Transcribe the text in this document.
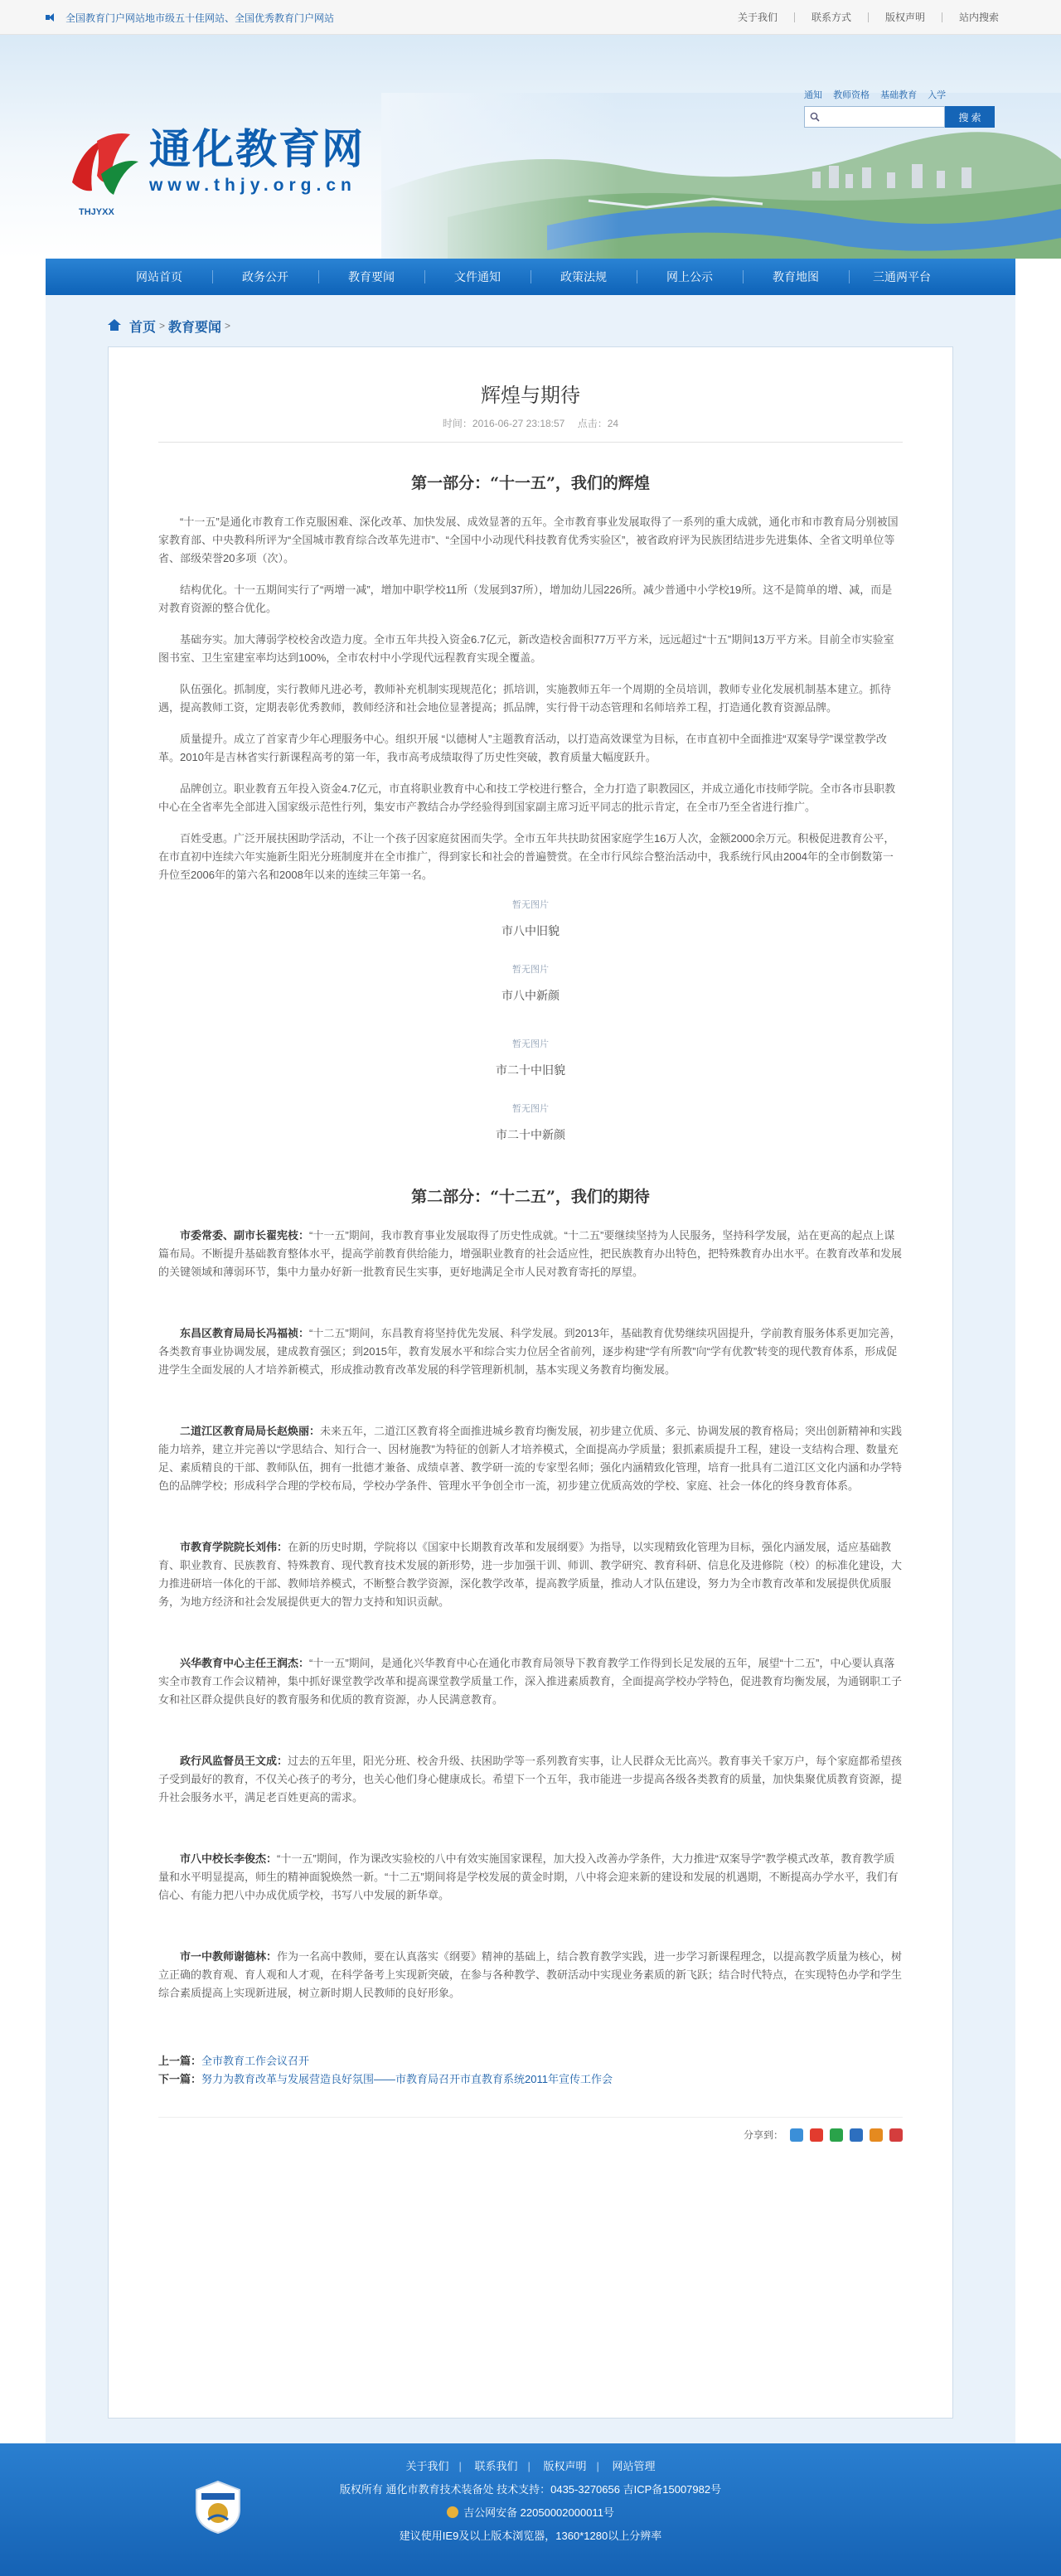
全国教育门户网站地市级五十佳网站、全国优秀教育门户网站	关于我们	联系方式	版权声明	站内搜索
THJYXX
通化教育网
www.thjy.org.cn
通知 教师资格 基础教育 入学
搜 索
网站首页	政务公开	教育要闻	文件通知	政策法规	网上公示	教育地图	三通两平台
首页 > 教育要闻 >
辉煌与期待
时间：2016-06-27 23:18:57 点击：24
第一部分：“十一五”，我们的辉煌

“十一五”是通化市教育工作克服困难、深化改革、加快发展、成效显著的五年。全市教育事业发展取得了一系列的重大成就，通化市和市教育局分别被国家教育部、中央教科所评为“全国城市教育综合改革先进市”、“全国中小动现代科技教育优秀实验区”，被省政府评为民族团结进步先进集体、全省文明单位等省、部级荣誉20多项（次）。

结构优化。十一五期间实行了“两增一减”，增加中职学校11所（发展到37所），增加幼儿园226所。减少普通中小学校19所。这不是简单的增、减，而是对教育资源的整合优化。

基础夯实。加大薄弱学校校舍改造力度。全市五年共投入资金6.7亿元，新改造校舍面积77万平方米，远远超过“十五”期间13万平方米。目前全市实验室图书室、卫生室建室率均达到100%，全市农村中小学现代远程教育实现全覆盖。

队伍强化。抓制度，实行教师凡进必考，教师补充机制实现规范化；抓培训，实施教师五年一个周期的全员培训，教师专业化发展机制基本建立。抓待遇，提高教师工资，定期表彰优秀教师，教师经济和社会地位显著提高；抓品牌，实行骨干动态管理和名师培养工程，打造通化教育资源品牌。

质量提升。成立了首家青少年心理服务中心。组织开展 “以德树人”主题教育活动，以打造高效课堂为目标，在市直初中全面推进“双案导学”课堂教学改革。2010年是吉林省实行新课程高考的第一年，我市高考成绩取得了历史性突破，教育质量大幅度跃升。

品牌创立。职业教育五年投入资金4.7亿元，市直将职业教育中心和技工学校进行整合，全力打造了职教园区，并成立通化市技师学院。全市各市县职教中心在全省率先全部进入国家级示范性行列，集安市产教结合办学经验得到国家副主席习近平同志的批示肯定，在全市乃至全省进行推广。

百姓受惠。广泛开展扶困助学活动，不让一个孩子因家庭贫困而失学。全市五年共扶助贫困家庭学生16万人次，金额2000余万元。积极促进教育公平，在市直初中连续六年实施新生阳光分班制度并在全市推广，得到家长和社会的普遍赞赏。在全市行风综合整治活动中，我系统行风由2004年的全市倒数第一升位至2006年的第六名和2008年以来的连续三年第一名。

暂无图片
市八中旧貌
暂无图片
市八中新颜
暂无图片
市二十中旧貌
暂无图片
市二十中新颜
第二部分：“十二五”，我们的期待

市委常委、副市长翟宪枝：“十一五”期间，我市教育事业发展取得了历史性成就。“十二五”要继续坚持为人民服务，坚持科学发展，站在更高的起点上谋篇布局。不断提升基础教育整体水平，提高学前教育供给能力，增强职业教育的社会适应性，把民族教育办出特色，把特殊教育办出水平。在教育改革和发展的关键领域和薄弱环节，集中力量办好新一批教育民生实事，更好地满足全市人民对教育寄托的厚望。

东昌区教育局局长冯福祯：“十二五”期间，东昌教育将坚持优先发展、科学发展。到2013年，基础教育优势继续巩固提升，学前教育服务体系更加完善，各类教育事业协调发展，建成教育强区；到2015年，教育发展水平和综合实力位居全省前列，逐步构建“学有所教”向“学有优教”转变的现代教育体系，形成促进学生全面发展的人才培养新模式，形成推动教育改革发展的科学管理新机制，基本实现义务教育均衡发展。

二道江区教育局局长赵焕丽：未来五年，二道江区教育将全面推进城乡教育均衡发展，初步建立优质、多元、协调发展的教育格局；突出创新精神和实践能力培养，建立并完善以“学思结合、知行合一、因材施教”为特征的创新人才培养模式，全面提高办学质量；狠抓素质提升工程，建设一支结构合理、数量充足、素质精良的干部、教师队伍，拥有一批德才兼备、成绩卓著、教学研一流的专家型名师；强化内涵精致化管理，培育一批具有二道江区文化内涵和办学特色的品牌学校；形成科学合理的学校布局，学校办学条件、管理水平争创全市一流，初步建立优质高效的学校、家庭、社会一体化的终身教育体系。

市教育学院院长刘伟：在新的历史时期，学院将以《国家中长期教育改革和发展纲要》为指导，以实现精致化管理为目标，强化内涵发展，适应基础教育、职业教育、民族教育、特殊教育、现代教育技术发展的新形势，进一步加强干训、师训、教学研究、教育科研、信息化及进修院（校）的标准化建设，大力推进研培一体化的干部、教师培养模式，不断整合教学资源，深化教学改革，提高教学质量，推动人才队伍建设，努力为全市教育改革和发展提供优质服务，为地方经济和社会发展提供更大的智力支持和知识贡献。

兴华教育中心主任王润杰：“十一五”期间，是通化兴华教育中心在通化市教育局领导下教育教学工作得到长足发展的五年，展望“十二五”，中心要认真落实全市教育工作会议精神，集中抓好课堂教学改革和提高课堂教学质量工作，深入推进素质教育，全面提高学校办学特色，促进教育均衡发展，为通钢职工子女和社区群众提供良好的教育服务和优质的教育资源，办人民满意教育。

政行风监督员王文成：过去的五年里，阳光分班、校舍升级、扶困助学等一系列教育实事，让人民群众无比高兴。教育事关千家万户，每个家庭都希望孩子受到最好的教育，不仅关心孩子的考分，也关心他们身心健康成长。希望下一个五年，我市能进一步提高各级各类教育的质量，加快集聚优质教育资源，提升社会服务水平，满足老百姓更高的需求。

市八中校长李俊杰：“十一五”期间，作为课改实验校的八中有效实施国家课程，加大投入改善办学条件，大力推进“双案导学”教学模式改革，教育教学质量和水平明显提高，师生的精神面貌焕然一新。“十二五”期间将是学校发展的黄金时期，八中将会迎来新的建设和发展的机遇期，不断提高办学水平，我们有信心、有能力把八中办成优质学校，书写八中发展的新华章。

市一中教师谢德林：作为一名高中教师，要在认真落实《纲要》精神的基础上，结合教育教学实践，进一步学习新课程理念，以提高教学质量为核心，树立正确的教育观、育人观和人才观，在科学备考上实现新突破，在参与各种教学、教研活动中实现业务素质的新飞跃；结合时代特点，在实现特色办学和学生综合素质提高上实现新进展，树立新时期人民教师的良好形象。

上一篇：全市教育工作会议召开
下一篇：努力为教育改革与发展营造良好氛围——市教育局召开市直教育系统2011年宣传工作会
分享到：
关于我们 | 联系我们 | 版权声明 | 网站管理
版权所有 通化市教育技术装备处 技术支持：0435-3270656 吉ICP备15007982号
吉公网安备 22050002000011号
建议使用IE9及以上版本浏览器，1360*1280以上分辨率
